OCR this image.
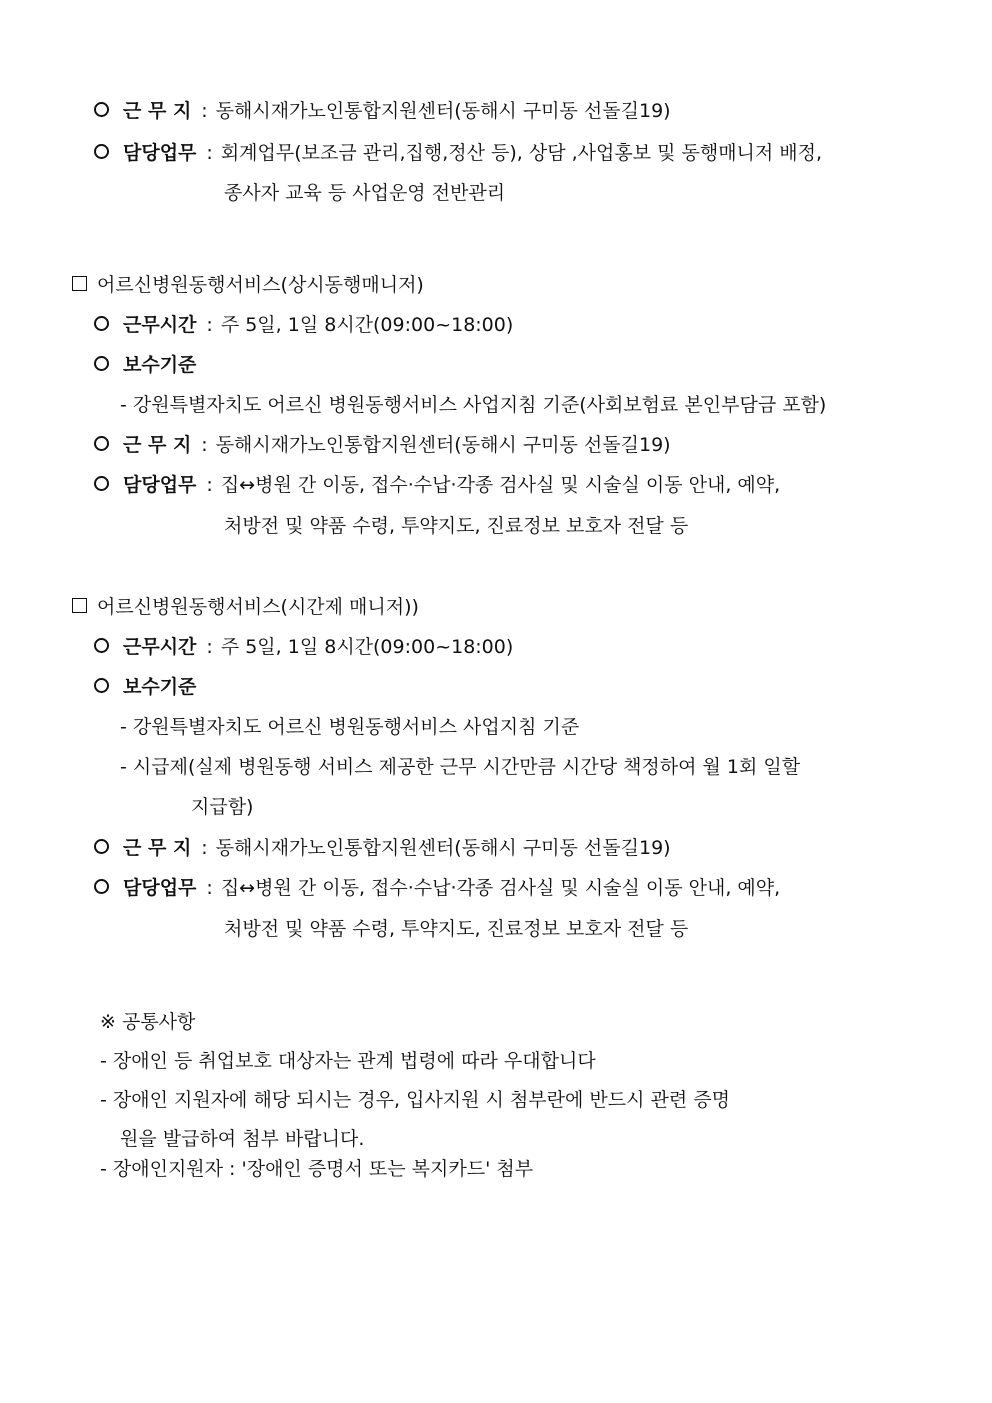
근 무 지 : 동해시재가노인통합지원센터(동해시 구미동 선돌길19)
담당업무 : 회계업무(보조금 관리,집행,정산 등), 상담 ,사업홍보 및 동행매니저 배정,
종사자 교육 등 사업운영 전반관리
어르신병원동행서비스(상시동행매니저)
근무시간 : 주 5일, 1일 8시간(09:00~18:00)
보수기준
- 강원특별자치도 어르신 병원동행서비스 사업지침 기준(사회보험료 본인부담금 포함)
근 무 지 : 동해시재가노인통합지원센터(동해시 구미동 선돌길19)
담당업무 : 집↔병원 간 이동, 접수·수납·각종 검사실 및 시술실 이동 안내, 예약,
처방전 및 약품 수령, 투약지도, 진료정보 보호자 전달 등
어르신병원동행서비스(시간제 매니저))
근무시간 : 주 5일, 1일 8시간(09:00~18:00)
보수기준
- 강원특별자치도 어르신 병원동행서비스 사업지침 기준
- 시급제(실제 병원동행 서비스 제공한 근무 시간만큼 시간당 책정하여 월 1회 일할
지급함)
근 무 지 : 동해시재가노인통합지원센터(동해시 구미동 선돌길19)
담당업무 : 집↔병원 간 이동, 접수·수납·각종 검사실 및 시술실 이동 안내, 예약,
처방전 및 약품 수령, 투약지도, 진료정보 보호자 전달 등
※ 공통사항
- 장애인 등 취업보호 대상자는 관계 법령에 따라 우대합니다
- 장애인 지원자에 해당 되시는 경우, 입사지원 시 첨부란에 반드시 관련 증명
원을 발급하여 첨부 바랍니다.
- 장애인지원자 : '장애인 증명서 또는 복지카드' 첨부
